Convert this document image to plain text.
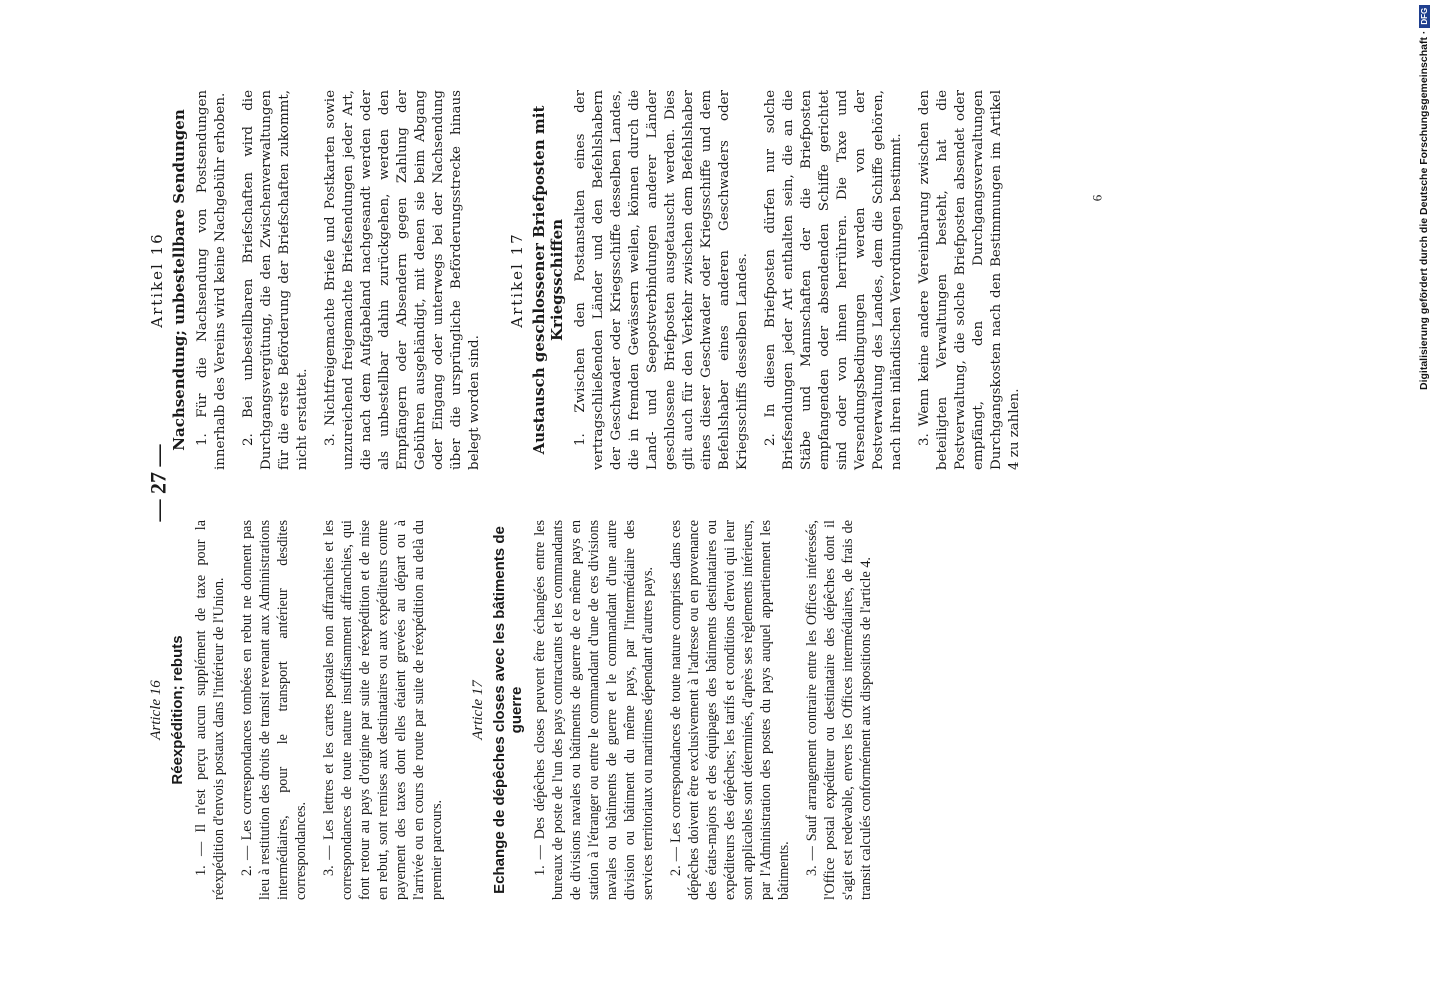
— 27 —
6
Article 16 Réexpédition; rebuts 1. — Il n'est perçu aucun supplément de taxe pour la réexpédition d'envois postaux dans l'intérieur de l'Union. 2. — Les correspondances tombées en rebut ne donnent pas lieu à restitution des droits de transit revenant aux Administrations intermédiaires, pour le transport antérieur desdites correspondances. 3. — Les lettres et les cartes postales non affranchies et les correspondances de toute nature insuffisamment affranchies, qui font retour au pays d'origine par suite de réexpédition et de mise en rebut, sont remises aux destinataires ou aux expéditeurs contre payement des taxes dont elles étaient grevées au départ ou à l'arrivée ou en cours de route par suite de réexpédition au delà du premier parcours.

Article 17 Echange de dépêches closes avec les bâtiments de guerre 1. — Des dépêches closes peuvent être échangées entre les bureaux de poste de l'un des pays contractants et les commandants de divisions navales ou bâtiments de guerre de ce même pays en station à l'étranger ou entre le commandant d'une de ces divisions navales ou bâtiments de guerre et le commandant d'une autre division ou bâtiment du même pays, par l'intermédiaire des services territoriaux ou maritimes dépendant d'autres pays. 2. — Les correspondances de toute nature comprises dans ces dépêches doivent être exclusivement à l'adresse ou en provenance des états-majors et des équipages des bâtiments destinataires ou expéditeurs des dépêches; les tarifs et conditions d'envoi qui leur sont applicables sont déterminés, d'après ses règlements intérieurs, par l'Administration des postes du pays auquel appartiennent les bâtiments. 3. — Sauf arrangement contraire entre les Offices intéressés, l'Office postal expéditeur ou destinataire des dépêches dont il s'agit est redevable, envers les Offices intermédiaires, de frais de transit calculés conformément aux dispositions de l'article 4.

Artikel 16 Nachsendung; unbestellbare Sendungen 1. Für die Nachsendung von Postsendungen innerhalb des Vereins wird keine Nachgebühr erhoben. 2. Bei unbestellbaren Briefschaften wird die Durchgangsvergütung, die den Zwischenverwaltungen für die erste Beförderung der Briefschaften zukommt, nicht erstattet. 3. Nichtfreigemachte Briefe und Postkarten sowie unzureichend freigemachte Briefsendungen jeder Art, die nach dem Aufgabeland nachgesandt werden oder als unbestellbar dahin zurückgehen, werden den Empfängern oder Absendern gegen Zahlung der Gebühren ausgehändigt, mit denen sie beim Abgang oder Eingang oder unterwegs bei der Nachsendung über die ursprüngliche Beförderungsstrecke hinaus belegt worden sind.

Artikel 17 Austausch geschlossener Briefposten mit Kriegsschiffen 1. Zwischen den Postanstalten eines der vertragschließenden Länder und den Befehlshabern der Geschwader oder Kriegsschiffe desselben Landes, die in fremden Gewässern weilen, können durch die Land- und Seepostverbindungen anderer Länder geschlossene Briefposten ausgetauscht werden. Dies gilt auch für den Verkehr zwischen dem Befehlshaber eines dieser Geschwader oder Kriegsschiffe und dem Befehlshaber eines anderen Geschwaders oder Kriegsschiffs desselben Landes. 2. In diesen Briefposten dürfen nur solche Briefsendungen jeder Art enthalten sein, die an die Stäbe und Mannschaften der die Briefposten empfangenden oder absendenden Schiffe gerichtet sind oder von ihnen herrühren. Die Taxe und Versendungsbedingungen werden von der Postverwaltung des Landes, dem die Schiffe gehören, nach ihren inländischen Verordnungen bestimmt. 3. Wenn keine andere Vereinbarung zwischen den beteiligten Verwaltungen besteht, hat die Postverwaltung, die solche Briefposten absendet oder empfängt, den Durchgangsverwaltungen Durchgangskosten nach den Bestimmungen im Artikel 4 zu zahlen.

Digitalisierung gefördert durch die Deutsche Forschungsgemeinschaft ·DFG
